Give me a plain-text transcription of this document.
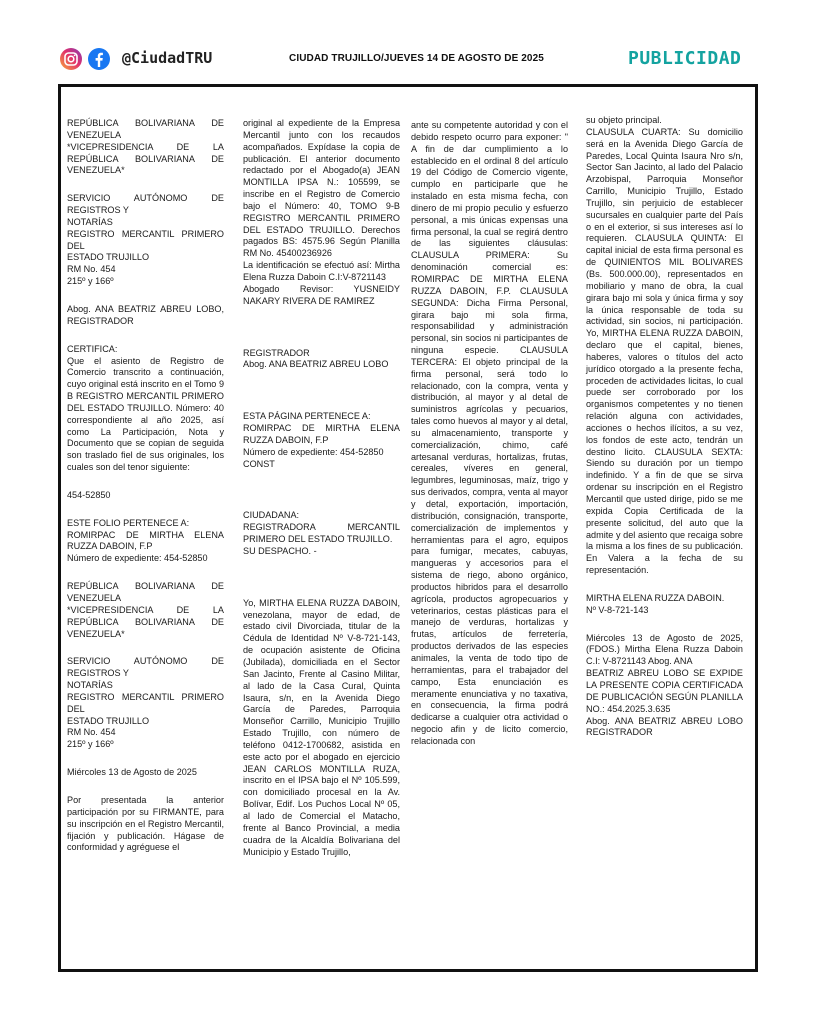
@CiudadTRU	CIUDAD TRUJILLO/JUEVES 14 DE AGOSTO DE 2025	PUBLICIDAD

REPÚBLICA BOLIVARIANA DE VENEZUELA
*VICEPRESIDENCIA DE LA REPÚBLICA BOLIVARIANA DE VENEZUELA*

SERVICIO AUTÓNOMO DE REGISTROS Y
NOTARÍAS
REGISTRO MERCANTIL PRIMERO DEL
ESTADO TRUJILLO
RM No. 454
215º y 166º

Abog. ANA BEATRIZ ABREU LOBO, REGISTRADOR

CERTIFICA:
Que el asiento de Registro de Comercio transcrito a continuación, cuyo original está inscrito en el Tomo 9 B REGISTRO MERCANTIL PRIMERO DEL ESTADO TRUJILLO. Número: 40 correspondiente al año 2025, así como La Participación, Nota y Documento que se copian de seguida son traslado fiel de sus originales, los cuales son del tenor siguiente:

454-52850

ESTE FOLIO PERTENECE A:
ROMIRPAC DE MIRTHA ELENA RUZZA DABOIN, F.P
Número de expediente: 454-52850

REPÚBLICA BOLIVARIANA DE VENEZUELA
*VICEPRESIDENCIA DE LA REPÚBLICA BOLIVARIANA DE VENEZUELA*

SERVICIO AUTÓNOMO DE REGISTROS Y
NOTARÍAS
REGISTRO MERCANTIL PRIMERO DEL
ESTADO TRUJILLO
RM No. 454
215º y 166º

Miércoles 13 de Agosto de 2025

Por presentada la anterior participación por su FIRMANTE, para su inscripción en el Registro Mercantil, fijación y publicación. Hágase de conformidad y agréguese el

original al expediente de la Empresa Mercantil junto con los recaudos acompañados. Expídase la copia de publicación. El anterior documento redactado por el Abogado(a) JEAN MONTILLA IPSA N.: 105599, se inscribe en el Registro de Comercio bajo el Número: 40, TOMO 9-B REGISTRO MERCANTIL PRIMERO DEL ESTADO TRUJILLO. Derechos pagados BS: 4575.96 Según Planilla RM No. 45400236926
La identificación se efectuó así: Mirtha Elena Ruzza Daboin C.I:V-8721143
Abogado Revisor: YUSNEIDY NAKARY RIVERA DE RAMIREZ

REGISTRADOR
Abog. ANA BEATRIZ ABREU LOBO

ESTA PÁGINA PERTENECE A:
ROMIRPAC DE MIRTHA ELENA RUZZA DABOIN, F.P
Número de expediente: 454-52850
CONST

CIUDADANA:
REGISTRADORA MERCANTIL PRIMERO DEL ESTADO TRUJILLO.
SU DESPACHO. -

Yo, MIRTHA ELENA RUZZA DABOIN, venezolana, mayor de edad, de estado civil Divorciada, titular de la Cédula de Identidad Nº V-8-721-143, de ocupación asistente de Oficina (Jubilada), domiciliada en el Sector San Jacinto, Frente al Casino Militar, al lado de la Casa Cural, Quinta Isaura, s/n, en la Avenida Diego García de Paredes, Parroquia Monseñor Carrillo, Municipio Trujillo Estado Trujillo, con número de teléfono 0412-1700682, asistida en este acto por el abogado en ejercicio JEAN CARLOS MONTILLA RUZA, inscrito en el IPSA bajo el Nº 105.599, con domiciliado procesal en la Av. Bolívar, Edif. Los Puchos Local Nº 05, al lado de Comercial el Matacho, frente al Banco Provincial, a media cuadra de la Alcaldía Bolivariana del Municipio y Estado Trujillo,

ante su competente autoridad y con el debido respeto ocurro para exponer: " A fin de dar cumplimiento a lo establecido en el ordinal 8 del artículo 19 del Código de Comercio vigente, cumplo en participarle que he instalado en esta misma fecha, con dinero de mi propio peculio y esfuerzo personal, a mis únicas expensas una firma personal, la cual se regirá dentro de las siguientes cláusulas: CLAUSULA PRIMERA: Su denominación comercial es: ROMIRPAC DE MIRTHA ELENA RUZZA DABOIN, F.P. CLAUSULA SEGUNDA: Dicha Firma Personal, girara bajo mi sola firma, responsabilidad y administración personal, sin socios ni participantes de ninguna especie. CLAUSULA TERCERA: El objeto principal de la firma personal, será todo lo relacionado, con la compra, venta y distribución, al mayor y al detal de suministros agrícolas y pecuarios, tales como huevos al mayor y al detal, su almacenamiento, transporte y comercialización, chimo, café artesanal verduras, hortalizas, frutas, cereales, víveres en general, legumbres, leguminosas, maíz, trigo y sus derivados, compra, venta al mayor y detal, exportación, importación, distribución, consignación, transporte, comercialización de implementos y herramientas para el agro, equipos para fumigar, mecates, cabuyas, mangueras y accesorios para el sistema de riego, abono orgánico, productos hibridos para el desarrollo agrícola, productos agropecuarios y veterinarios, cestas plásticas para el manejo de verduras, hortalizas y frutas, artículos de ferretería, productos derivados de las especies animales, la venta de todo tipo de herramientas, para el trabajador del campo, Esta enunciación es meramente enunciativa y no taxativa, en consecuencia, la firma podrá dedicarse a cualquier otra actividad o negocio afin y de licito comercio, relacionada con

su objeto principal.
CLAUSULA CUARTA: Su domicilio será en la Avenida Diego García de Paredes, Local Quinta Isaura Nro s/n, Sector San Jacinto, al lado del Palacio Arzobispal, Parroquia Monseñor Carrillo, Municipio Trujillo, Estado Trujillo, sin perjuicio de establecer sucursales en cualquier parte del País o en el exterior, si sus intereses así lo requieren. CLAUSULA QUINTA: El capital inicial de esta firma personal es de QUINIENTOS MIL BOLIVARES (Bs. 500.000.00), representados en mobiliario y mano de obra, la cual girara bajo mi sola y única firma y soy la única responsable de toda su actividad, sin socios, ni participación. Yo, MIRTHA ELENA RUZZA DABOIN, declaro que el capital, bienes, haberes, valores o títulos del acto jurídico otorgado a la presente fecha, proceden de actividades licitas, lo cual puede ser corroborado por los organismos competentes y no tienen relación alguna con actividades, acciones o hechos ilícitos, a su vez, los fondos de este acto, tendrán un destino licito. CLAUSULA SEXTA: Siendo su duración por un tiempo indefinido. Y a fin de que se sirva ordenar su inscripción en el Registro Mercantil que usted dirige, pido se me expida Copia Certificada de la presente solicitud, del auto que la admite y del asiento que recaiga sobre la misma a los fines de su publicación. En Valera a la fecha de su representación.

MIRTHA ELENA RUZZA DABOIN.
Nº V-8-721-143

Miércoles 13 de Agosto de 2025, (FDOS.) Mirtha Elena Ruzza Daboin C.I: V-8721143 Abog. ANA
BEATRIZ ABREU LOBO SE EXPIDE LA PRESENTE COPIA CERTIFICADA DE PUBLICACIÓN SEGÚN PLANILLA NO.: 454.2025.3.635
Abog. ANA BEATRIZ ABREU LOBO REGISTRADOR
